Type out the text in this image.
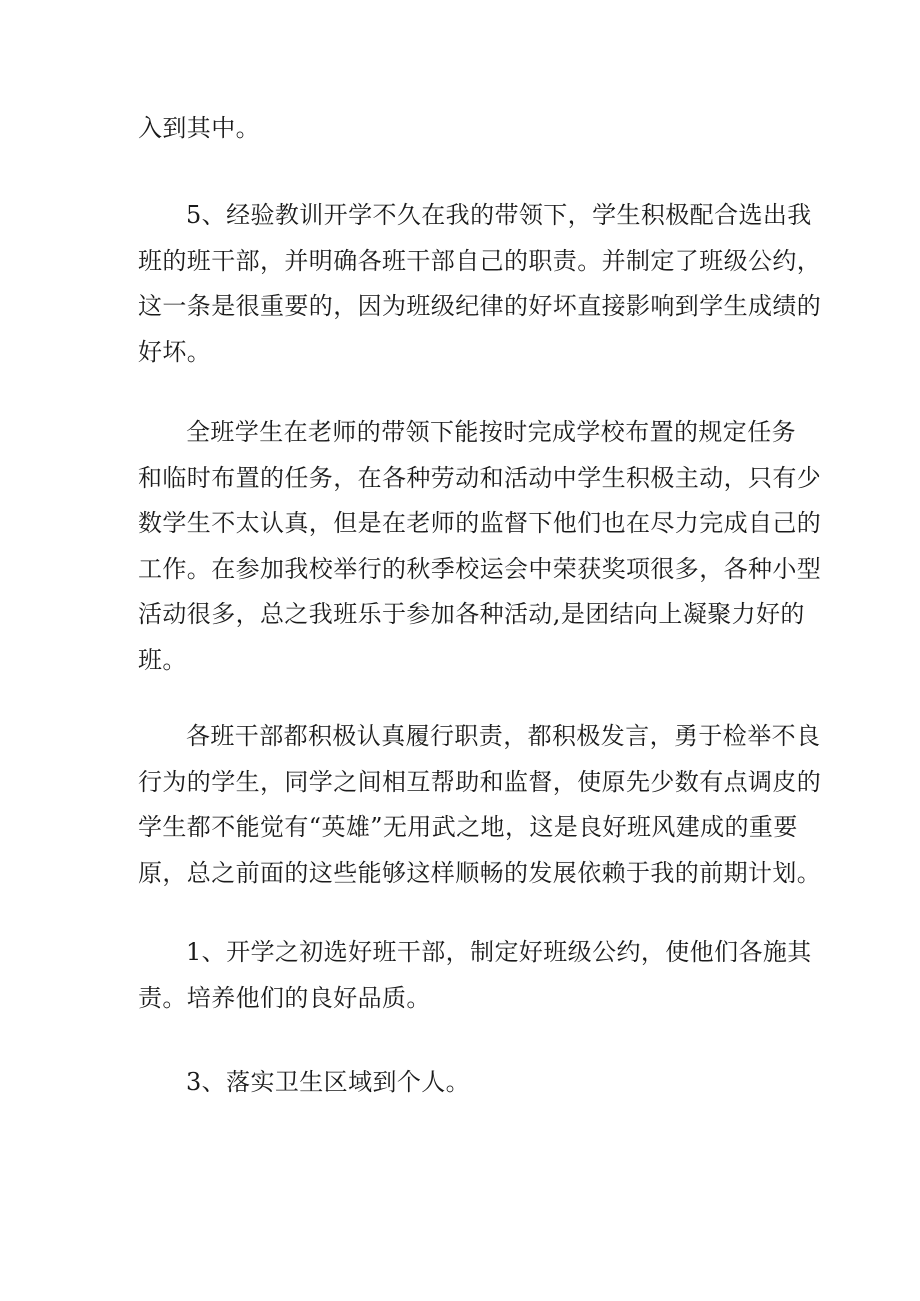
入到其中。

5、经验教训开学不久在我的带领下，学生积极配合选出我
班的班干部，并明确各班干部自己的职责。并制定了班级公约，
这一条是很重要的，因为班级纪律的好坏直接影响到学生成绩的
好坏。

全班学生在老师的带领下能按时完成学校布置的规定任务
和临时布置的任务，在各种劳动和活动中学生积极主动，只有少
数学生不太认真，但是在老师的监督下他们也在尽力完成自己的
工作。在参加我校举行的秋季校运会中荣获奖项很多，各种小型
活动很多，总之我班乐于参加各种活动,是团结向上凝聚力好的
班。

各班干部都积极认真履行职责，都积极发言，勇于检举不良
行为的学生，同学之间相互帮助和监督，使原先少数有点调皮的
学生都不能觉有“英雄”无用武之地，这是良好班风建成的重要
原，总之前面的这些能够这样顺畅的发展依赖于我的前期计划。

1、开学之初选好班干部，制定好班级公约，使他们各施其
责。培养他们的良好品质。

3、落实卫生区域到个人。
